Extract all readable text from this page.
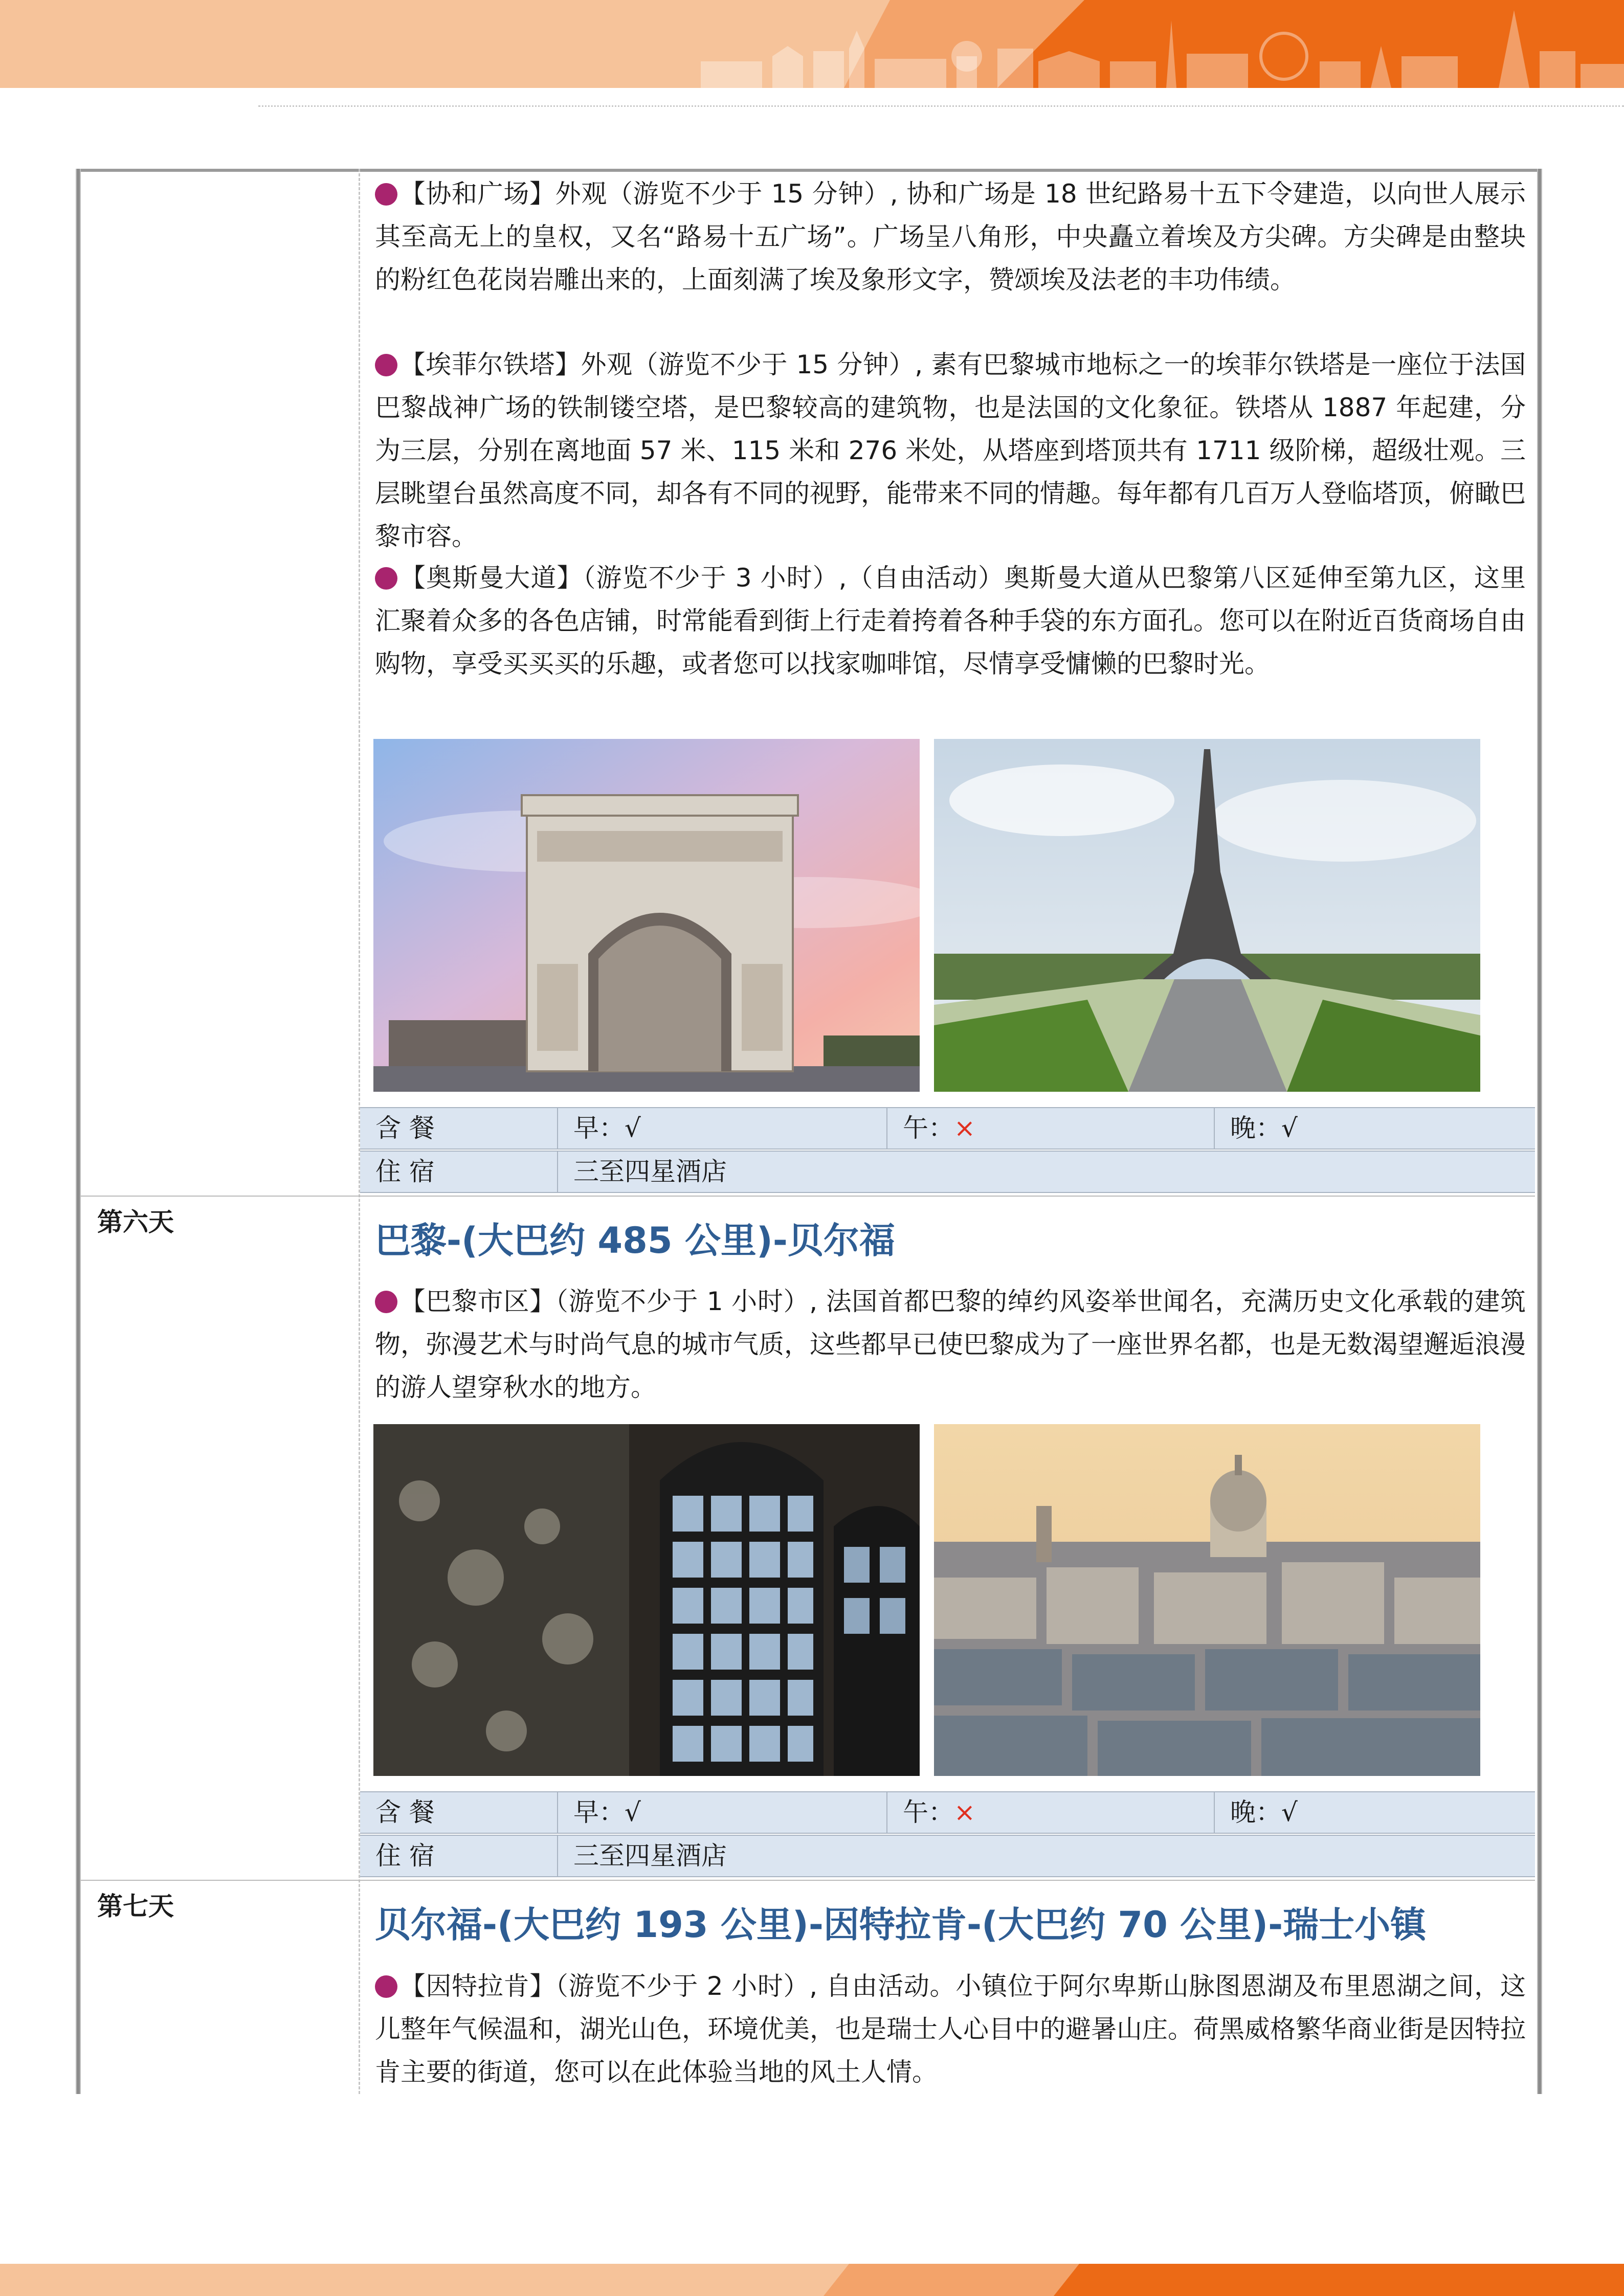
【协和广场】外观（游览不少于 15 分钟）, 协和广场是 18 世纪路易十五下令建造，以向世人展示其至高无上的皇权，又名“路易十五广场”。广场呈八角形，中央矗立着埃及方尖碑。方尖碑是由整块的粉红色花岗岩雕出来的，上面刻满了埃及象形文字，赞颂埃及法老的丰功伟绩。

【埃菲尔铁塔】外观（游览不少于 15 分钟）, 素有巴黎城市地标之一的埃菲尔铁塔是一座位于法国巴黎战神广场的铁制镂空塔，是巴黎较高的建筑物，也是法国的文化象征。铁塔从 1887 年起建，分为三层，分别在离地面 57 米、115 米和 276 米处，从塔座到塔顶共有 1711 级阶梯，超级壮观。三层眺望台虽然高度不同，却各有不同的视野，能带来不同的情趣。每年都有几百万人登临塔顶，俯瞰巴黎市容。

【奥斯曼大道】（游览不少于 3 小时）,（自由活动）奥斯曼大道从巴黎第八区延伸至第九区，这里汇聚着众多的各色店铺，时常能看到街上行走着挎着各种手袋的东方面孔。您可以在附近百货商场自由购物，享受买买买的乐趣，或者您可以找家咖啡馆，尽情享受慵懒的巴黎时光。

含 餐	早：√	午：×	晚：√
住 宿	三至四星酒店
第六天	巴黎-(大巴约 485 公里)-贝尔福

【巴黎市区】（游览不少于 1 小时）, 法国首都巴黎的绰约风姿举世闻名，充满历史文化承载的建筑物，弥漫艺术与时尚气息的城市气质，这些都早已使巴黎成为了一座世界名都，也是无数渴望邂逅浪漫的游人望穿秋水的地方。

含 餐	早：√	午：×	晚：√
住 宿	三至四星酒店
第七天	贝尔福-(大巴约 193 公里)-因特拉肯-(大巴约 70 公里)-瑞士小镇

【因特拉肯】（游览不少于 2 小时）, 自由活动。小镇位于阿尔卑斯山脉图恩湖及布里恩湖之间，这儿整年气候温和，湖光山色，环境优美，也是瑞士人心目中的避暑山庄。荷黑威格繁华商业街是因特拉肯主要的街道，您可以在此体验当地的风土人情。
